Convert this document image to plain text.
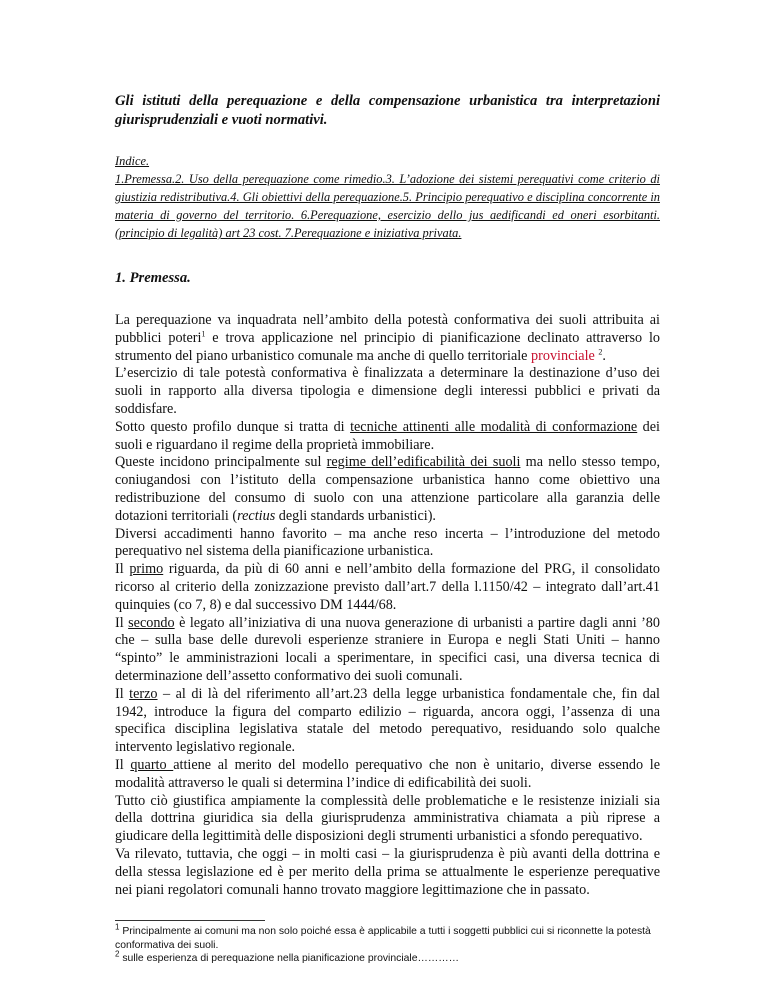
Gli istituti della perequazione e della compensazione urbanistica tra interpretazioni giurisprudenziali e vuoti normativi.

Indice.
1.Premessa.2. Uso della perequazione come rimedio.3. L’adozione dei sistemi perequativi come criterio di giustizia redistributiva.4. Gli obiettivi della perequazione.5. Principio perequativo e disciplina concorrente in materia di governo del territorio. 6.Perequazione, esercizio dello jus aedificandi ed oneri esorbitanti.(principio di legalità) art 23 cost. 7.Perequazione e iniziativa privata.
1. Premessa.

La perequazione va inquadrata nell’ambito della potestà conformativa dei suoli attribuita ai pubblici poteri$^1$ e trova applicazione nel principio di pianificazione declinato attraverso lo strumento del piano urbanistico comunale ma anche di quello territoriale provinciale $^2$.

L’esercizio di tale potestà conformativa è finalizzata a determinare la destinazione d’uso dei suoli in rapporto alla diversa tipologia e dimensione degli interessi pubblici e privati da soddisfare.

Sotto questo profilo dunque si tratta di tecniche attinenti alle modalità di conformazione dei suoli e riguardano il regime della proprietà immobiliare.

Queste incidono principalmente sul regime dell’edificabilità dei suoli ma nello stesso tempo, coniugandosi con l’istituto della compensazione urbanistica hanno come obiettivo una redistribuzione del consumo di suolo con una attenzione particolare alla garanzia delle dotazioni territoriali (rectius degli standards urbanistici).

Diversi accadimenti hanno favorito – ma anche reso incerta – l’introduzione del metodo perequativo nel sistema della pianificazione urbanistica.

Il primo riguarda, da più di 60 anni e nell’ambito della formazione del PRG, il consolidato ricorso al criterio della zonizzazione previsto dall’art.7 della l.1150/42 – integrato dall’art.41 quinquies (co 7, 8) e dal successivo DM 1444/68.

Il secondo è legato all’iniziativa di una nuova generazione di urbanisti a partire dagli anni ’80 che – sulla base delle durevoli esperienze straniere in Europa e negli Stati Uniti – hanno “spinto” le amministrazioni locali a sperimentare, in specifici casi, una diversa tecnica di determinazione dell’assetto conformativo dei suoli comunali.

Il terzo – al di là del riferimento all’art.23 della legge urbanistica fondamentale che, fin dal 1942, introduce la figura del comparto edilizio – riguarda, ancora oggi, l’assenza di una specifica disciplina legislativa statale del metodo perequativo, residuando solo qualche intervento legislativo regionale.

Il quarto attiene al merito del modello perequativo che non è unitario, diverse essendo le modalità attraverso le quali si determina l’indice di edificabilità dei suoli.

Tutto ciò giustifica ampiamente la complessità delle problematiche e le resistenze iniziali sia della dottrina giuridica sia della giurisprudenza amministrativa chiamata a più riprese a giudicare della legittimità delle disposizioni degli strumenti urbanistici a sfondo perequativo.

Va rilevato, tuttavia, che oggi – in molti casi – la giurisprudenza è più avanti della dottrina e della stessa legislazione ed è per merito della prima se attualmente le esperienze perequative nei piani regolatori comunali hanno trovato maggiore legittimazione che in passato.

$^1$ Principalmente ai comuni ma non solo poiché essa è applicabile a tutti i soggetti pubblici cui si riconnette la potestà conformativa dei suoli.

$^2$ sulle esperienza di perequazione nella pianificazione provinciale…………
